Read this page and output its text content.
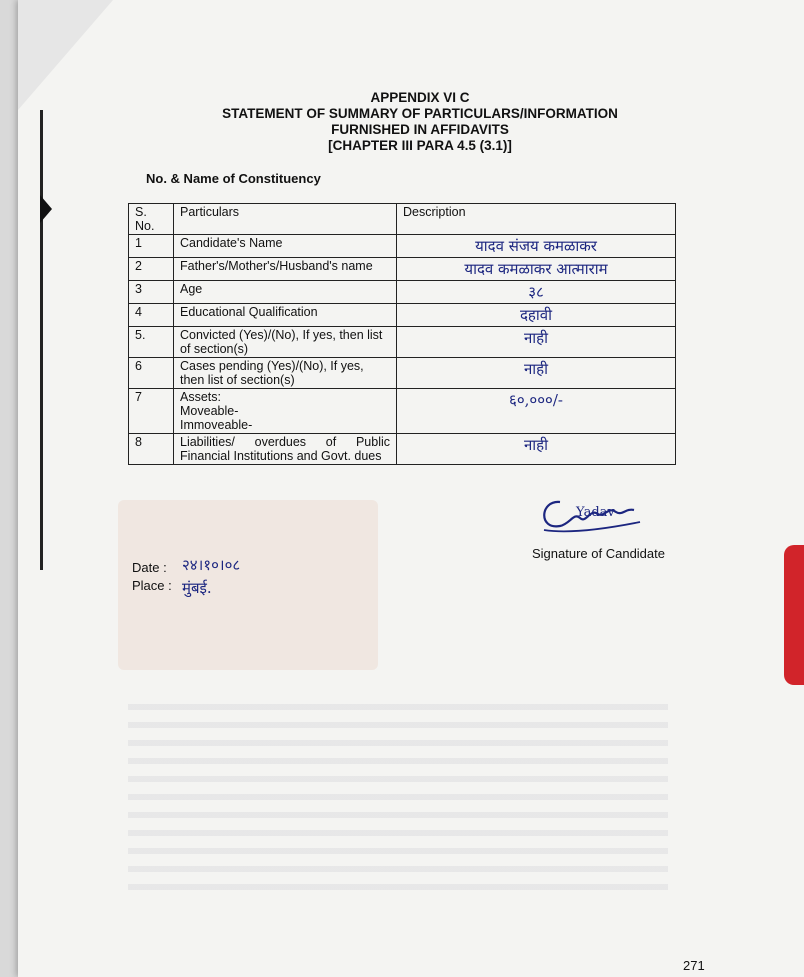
APPENDIX VI C
STATEMENT OF SUMMARY OF PARTICULARS/INFORMATION
FURNISHED IN AFFIDAVITS
[CHAPTER III PARA 4.5 (3.1)]
No. & Name of Constituency
S. No.	Particulars	Description
1	Candidate's Name	यादव संजय कमळाकर
2	Father's/Mother's/Husband's name	यादव कमळाकर आत्माराम
3	Age	३८
4	Educational Qualification	दहावी
5.	Convicted (Yes)/(No), If yes, then list of section(s)	नाही
6	Cases pending (Yes)/(No), If yes, then list of section(s)	नाही
7	Assets:
Moveable-
Immoveable-	६०,०००/-
8	Liabilities/ overdues of Public Financial Institutions and Govt. dues	नाही
Yadav
Signature of Candidate
Date : २४।१०।०८
Place : मुंबई.
271
